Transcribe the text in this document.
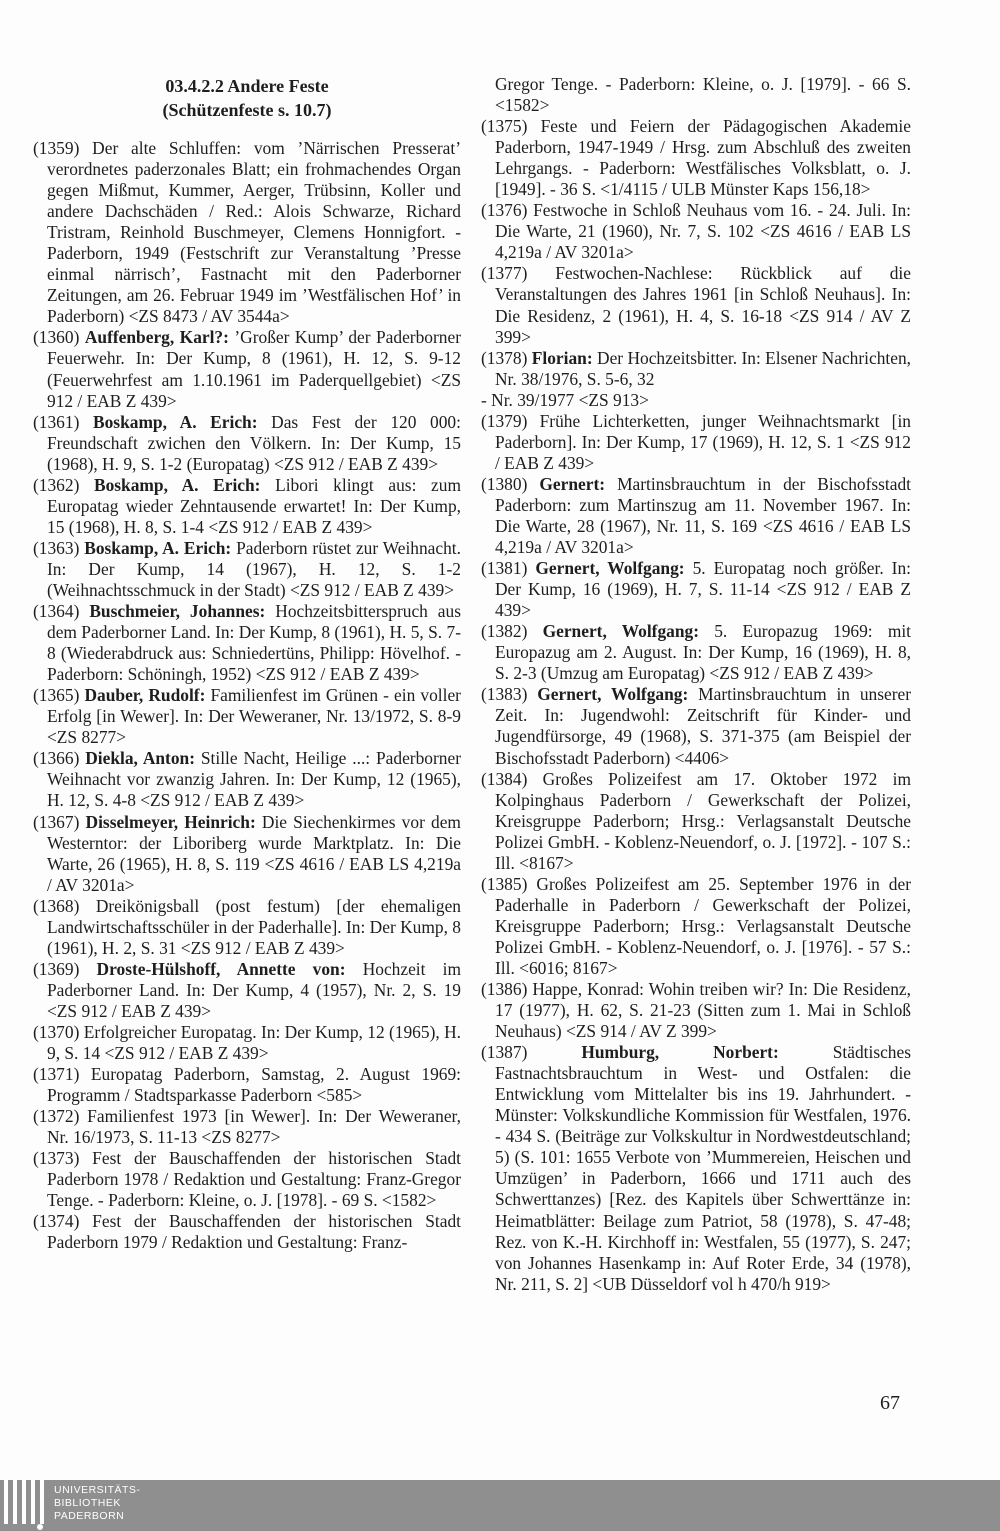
03.4.2.2 Andere Feste
(Schützenfeste s. 10.7)

(1359) Der alte Schluffen: vom ’Närrischen Presserat’ verordnetes paderzonales Blatt; ein frohmachendes Organ gegen Mißmut, Kummer, Aerger, Trübsinn, Koller und andere Dachschäden / Red.: Alois Schwarze, Richard Tristram, Reinhold Buschmeyer, Clemens Honnigfort. - Paderborn, 1949 (Festschrift zur Veranstaltung ’Presse einmal närrisch’, Fastnacht mit den Paderborner Zeitungen, am 26. Februar 1949 im ’Westfälischen Hof’ in Paderborn) <ZS 8473 / AV 3544a>

(1360) Auffenberg, Karl?: ’Großer Kump’ der Paderborner Feuerwehr. In: Der Kump, 8 (1961), H. 12, S. 9-12 (Feuerwehrfest am 1.10.1961 im Paderquellgebiet) <ZS 912 / EAB Z 439>

(1361) Boskamp, A. Erich: Das Fest der 120 000: Freundschaft zwichen den Völkern. In: Der Kump, 15 (1968), H. 9, S. 1-2 (Europatag) <ZS 912 / EAB Z 439>

(1362) Boskamp, A. Erich: Libori klingt aus: zum Europatag wieder Zehntausende erwartet! In: Der Kump, 15 (1968), H. 8, S. 1-4 <ZS 912 / EAB Z 439>

(1363) Boskamp, A. Erich: Paderborn rüstet zur Weihnacht. In: Der Kump, 14 (1967), H. 12, S. 1-2 (Weihnachtsschmuck in der Stadt) <ZS 912 / EAB Z 439>

(1364) Buschmeier, Johannes: Hochzeitsbitterspruch aus dem Paderborner Land. In: Der Kump, 8 (1961), H. 5, S. 7-8 (Wiederabdruck aus: Schniedertüns, Philipp: Hövelhof. - Paderborn: Schöningh, 1952) <ZS 912 / EAB Z 439>

(1365) Dauber, Rudolf: Familienfest im Grünen - ein voller Erfolg [in Wewer]. In: Der Weweraner, Nr. 13/1972, S. 8-9 <ZS 8277>

(1366) Diekla, Anton: Stille Nacht, Heilige ...: Paderborner Weihnacht vor zwanzig Jahren. In: Der Kump, 12 (1965), H. 12, S. 4-8 <ZS 912 / EAB Z 439>

(1367) Disselmeyer, Heinrich: Die Siechenkirmes vor dem Westerntor: der Liboriberg wurde Marktplatz. In: Die Warte, 26 (1965), H. 8, S. 119 <ZS 4616 / EAB LS 4,219a / AV 3201a>

(1368) Dreikönigsball (post festum) [der ehemaligen Landwirtschaftsschüler in der Paderhalle]. In: Der Kump, 8 (1961), H. 2, S. 31 <ZS 912 / EAB Z 439>

(1369) Droste-Hülshoff, Annette von: Hochzeit im Paderborner Land. In: Der Kump, 4 (1957), Nr. 2, S. 19 <ZS 912 / EAB Z 439>

(1370) Erfolgreicher Europatag. In: Der Kump, 12 (1965), H. 9, S. 14 <ZS 912 / EAB Z 439>

(1371) Europatag Paderborn, Samstag, 2. August 1969: Programm / Stadtsparkasse Paderborn <585>

(1372) Familienfest 1973 [in Wewer]. In: Der Weweraner, Nr. 16/1973, S. 11-13 <ZS 8277>

(1373) Fest der Bauschaffenden der historischen Stadt Paderborn 1978 / Redaktion und Gestaltung: Franz-Gregor Tenge. - Paderborn: Kleine, o. J. [1978]. - 69 S. <1582>

(1374) Fest der Bauschaffenden der historischen Stadt Paderborn 1979 / Redaktion und Gestaltung: Franz-

Gregor Tenge. - Paderborn: Kleine, o. J. [1979]. - 66 S. <1582>

(1375) Feste und Feiern der Pädagogischen Akademie Paderborn, 1947-1949 / Hrsg. zum Abschluß des zweiten Lehrgangs. - Paderborn: Westfälisches Volksblatt, o. J. [1949]. - 36 S. <1/4115 / ULB Münster Kaps 156,18>

(1376) Festwoche in Schloß Neuhaus vom 16. - 24. Juli. In: Die Warte, 21 (1960), Nr. 7, S. 102 <ZS 4616 / EAB LS 4,219a / AV 3201a>

(1377) Festwochen-Nachlese: Rückblick auf die Veranstaltungen des Jahres 1961 [in Schloß Neuhaus]. In: Die Residenz, 2 (1961), H. 4, S. 16-18 <ZS 914 / AV Z 399>

(1378) Florian: Der Hochzeitsbitter. In: Elsener Nachrichten, Nr. 38/1976, S. 5-6, 32

- Nr. 39/1977 <ZS 913>

(1379) Frühe Lichterketten, junger Weihnachtsmarkt [in Paderborn]. In: Der Kump, 17 (1969), H. 12, S. 1 <ZS 912 / EAB Z 439>

(1380) Gernert: Martinsbrauchtum in der Bischofsstadt Paderborn: zum Martinszug am 11. November 1967. In: Die Warte, 28 (1967), Nr. 11, S. 169 <ZS 4616 / EAB LS 4,219a / AV 3201a>

(1381) Gernert, Wolfgang: 5. Europatag noch größer. In: Der Kump, 16 (1969), H. 7, S. 11-14 <ZS 912 / EAB Z 439>

(1382) Gernert, Wolfgang: 5. Europazug 1969: mit Europazug am 2. August. In: Der Kump, 16 (1969), H. 8, S. 2-3 (Umzug am Europatag) <ZS 912 / EAB Z 439>

(1383) Gernert, Wolfgang: Martinsbrauchtum in unserer Zeit. In: Jugendwohl: Zeitschrift für Kinder- und Jugendfürsorge, 49 (1968), S. 371-375 (am Beispiel der Bischofsstadt Paderborn) <4406>

(1384) Großes Polizeifest am 17. Oktober 1972 im Kolpinghaus Paderborn / Gewerkschaft der Polizei, Kreisgruppe Paderborn; Hrsg.: Verlagsanstalt Deutsche Polizei GmbH. - Koblenz-Neuendorf, o. J. [1972]. - 107 S.: Ill. <8167>

(1385) Großes Polizeifest am 25. September 1976 in der Paderhalle in Paderborn / Gewerkschaft der Polizei, Kreisgruppe Paderborn; Hrsg.: Verlagsanstalt Deutsche Polizei GmbH. - Koblenz-Neuendorf, o. J. [1976]. - 57 S.: Ill. <6016; 8167>

(1386) Happe, Konrad: Wohin treiben wir? In: Die Residenz, 17 (1977), H. 62, S. 21-23 (Sitten zum 1. Mai in Schloß Neuhaus) <ZS 914 / AV Z 399>

(1387)	Humburg, Norbert:	Städtisches Fastnachtsbrauchtum in West- und Ostfalen: die Entwicklung vom Mittelalter bis ins 19. Jahrhundert. - Münster: Volkskundliche Kommission für Westfalen, 1976. - 434 S. (Beiträge zur Volkskultur in Nordwestdeutschland; 5) (S. 101: 1655 Verbote von ’Mummereien, Heischen und Umzügen’ in Paderborn, 1666 und 1711 auch des Schwerttanzes) [Rez. des Kapitels über Schwerttänze in: Heimatblätter: Beilage zum Patriot, 58 (1978), S. 47-48; Rez. von K.-H. Kirchhoff in: Westfalen, 55 (1977), S. 247; von Johannes Hasenkamp in: Auf Roter Erde, 34 (1978), Nr. 211, S. 2] <UB Düsseldorf vol h 470/h 919>

67
UNIVERSITÄTS-
BIBLIOTHEK
PADERBORN
